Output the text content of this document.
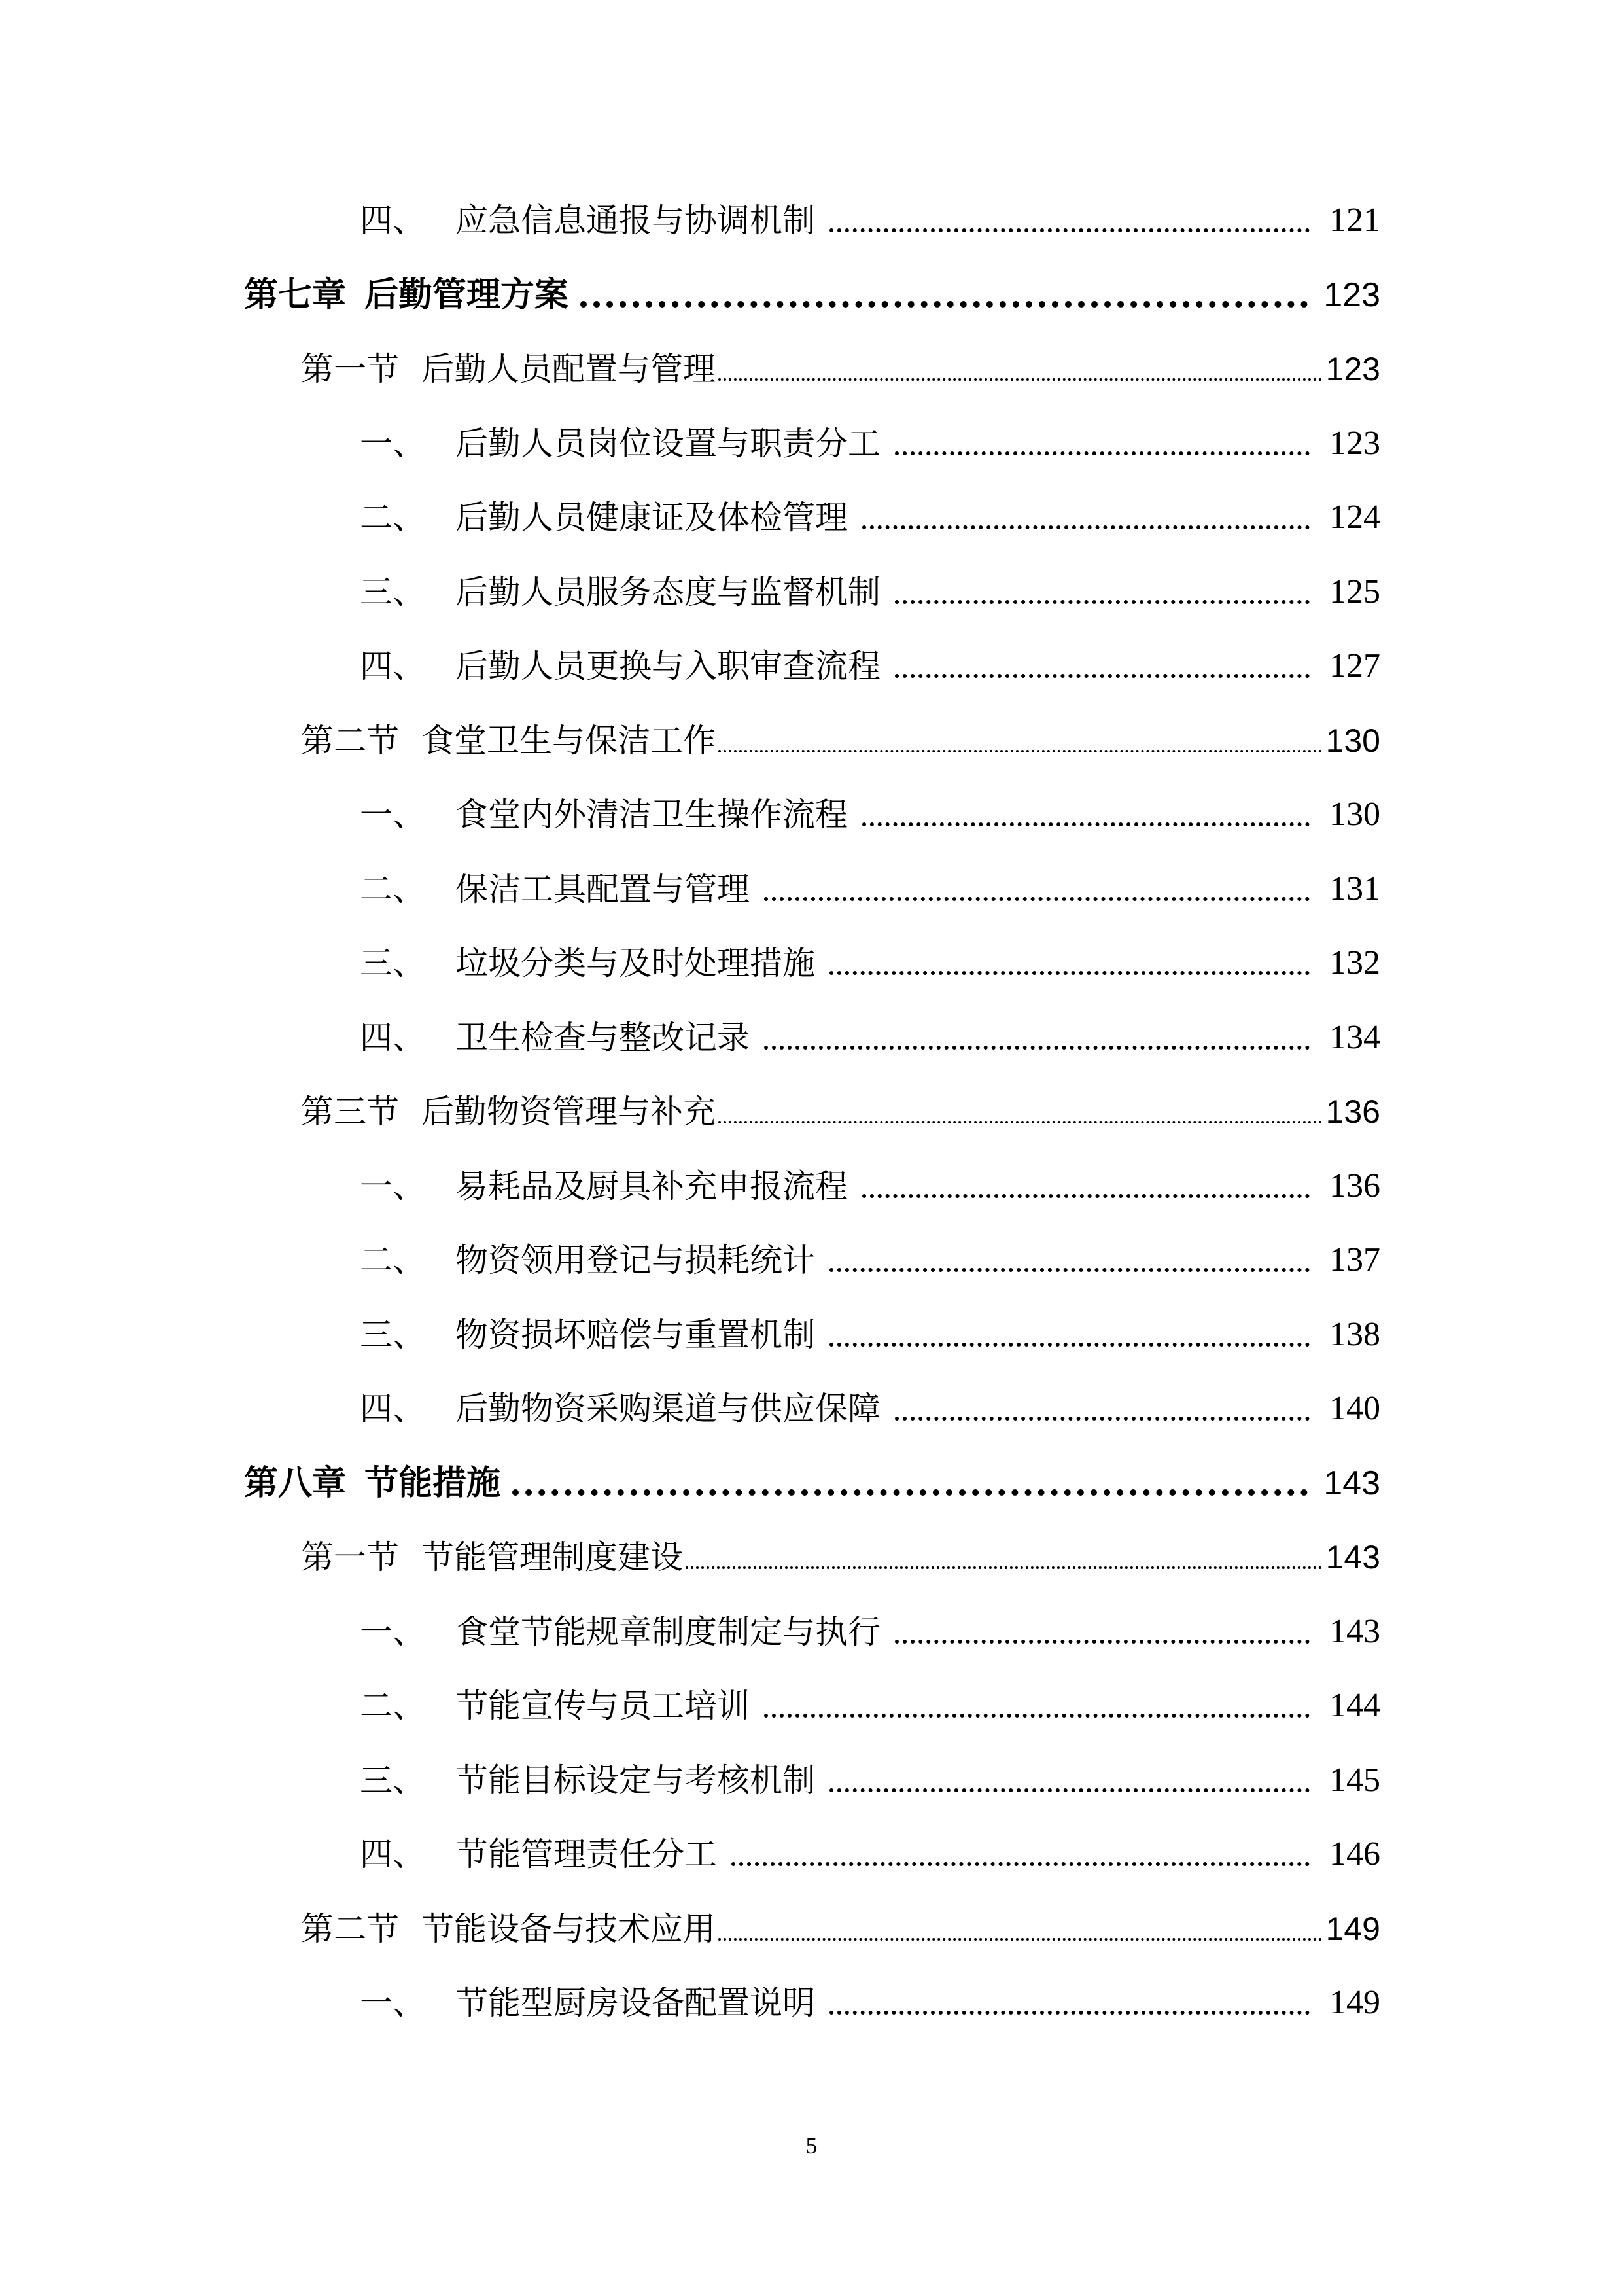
四、 应急信息通报与协调机制	121
第七章 后勤管理方案	123
第一节 后勤人员配置与管理	123
一、 后勤人员岗位设置与职责分工	123
二、 后勤人员健康证及体检管理	124
三、 后勤人员服务态度与监督机制	125
四、 后勤人员更换与入职审查流程	127
第二节 食堂卫生与保洁工作	130
一、 食堂内外清洁卫生操作流程	130
二、 保洁工具配置与管理	131
三、 垃圾分类与及时处理措施	132
四、 卫生检查与整改记录	134
第三节 后勤物资管理与补充	136
一、 易耗品及厨具补充申报流程	136
二、 物资领用登记与损耗统计	137
三、 物资损坏赔偿与重置机制	138
四、 后勤物资采购渠道与供应保障	140
第八章 节能措施	143
第一节 节能管理制度建设	143
一、 食堂节能规章制度制定与执行	143
二、 节能宣传与员工培训	144
三、 节能目标设定与考核机制	145
四、 节能管理责任分工	146
第二节 节能设备与技术应用	149
一、 节能型厨房设备配置说明	149
5
